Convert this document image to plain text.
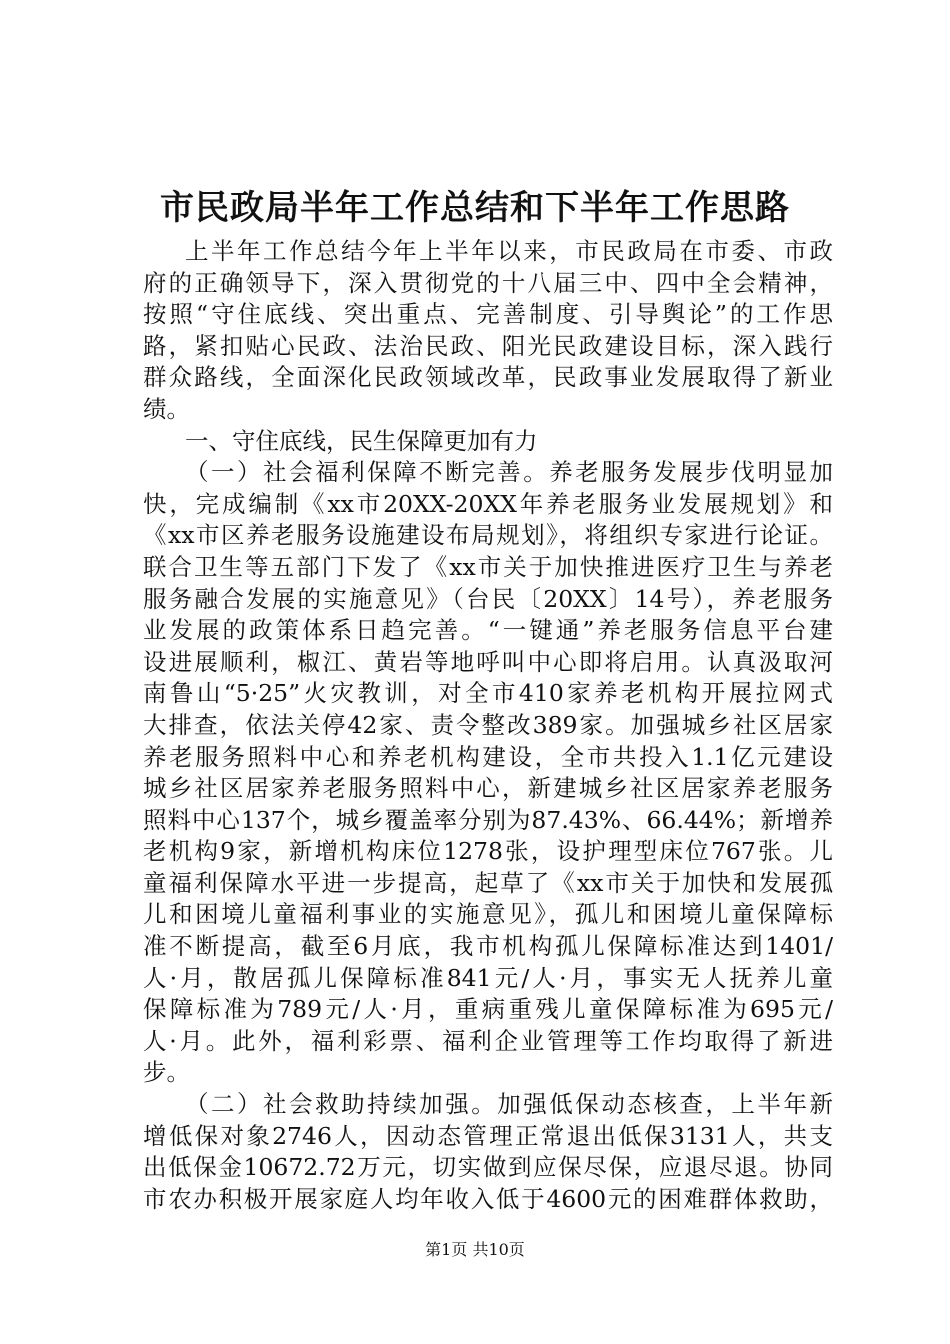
市民政局半年工作总结和下半年工作思路
上半年工作总结今年上半年以来，市民政局在市委、市政
府的正确领导下，深入贯彻党的十八届三中、四中全会精神，
按照“守住底线、突出重点、完善制度、引导舆论”的工作思
路，紧扣贴心民政、法治民政、阳光民政建设目标，深入践行
群众路线，全面深化民政领域改革，民政事业发展取得了新业
绩。
一、守住底线，民生保障更加有力
（一）社会福利保障不断完善。养老服务发展步伐明显加
快，完成编制《xx市20XX-20XX年养老服务业发展规划》和
《xx市区养老服务设施建设布局规划》，将组织专家进行论证。
联合卫生等五部门下发了《xx市关于加快推进医疗卫生与养老
服务融合发展的实施意见》（台民〔20XX〕14号），养老服务
业发展的政策体系日趋完善。“一键通”养老服务信息平台建
设进展顺利，椒江、黄岩等地呼叫中心即将启用。认真汲取河
南鲁山“5·25”火灾教训，对全市410家养老机构开展拉网式
大排查，依法关停42家、责令整改389家。加强城乡社区居家
养老服务照料中心和养老机构建设，全市共投入1.1亿元建设
城乡社区居家养老服务照料中心，新建城乡社区居家养老服务
照料中心137个，城乡覆盖率分别为87.43%、66.44%；新增养
老机构9家，新增机构床位1278张，设护理型床位767张。儿
童福利保障水平进一步提高，起草了《xx市关于加快和发展孤
儿和困境儿童福利事业的实施意见》，孤儿和困境儿童保障标
准不断提高，截至6月底，我市机构孤儿保障标准达到1401/
人·月，散居孤儿保障标准841元/人·月，事实无人抚养儿童
保障标准为789元/人·月，重病重残儿童保障标准为695元/
人·月。此外，福利彩票、福利企业管理等工作均取得了新进
步。
（二）社会救助持续加强。加强低保动态核查，上半年新
增低保对象2746人，因动态管理正常退出低保3131人，共支
出低保金10672.72万元，切实做到应保尽保，应退尽退。协同
市农办积极开展家庭人均年收入低于4600元的困难群体救助，
第1页 共10页
